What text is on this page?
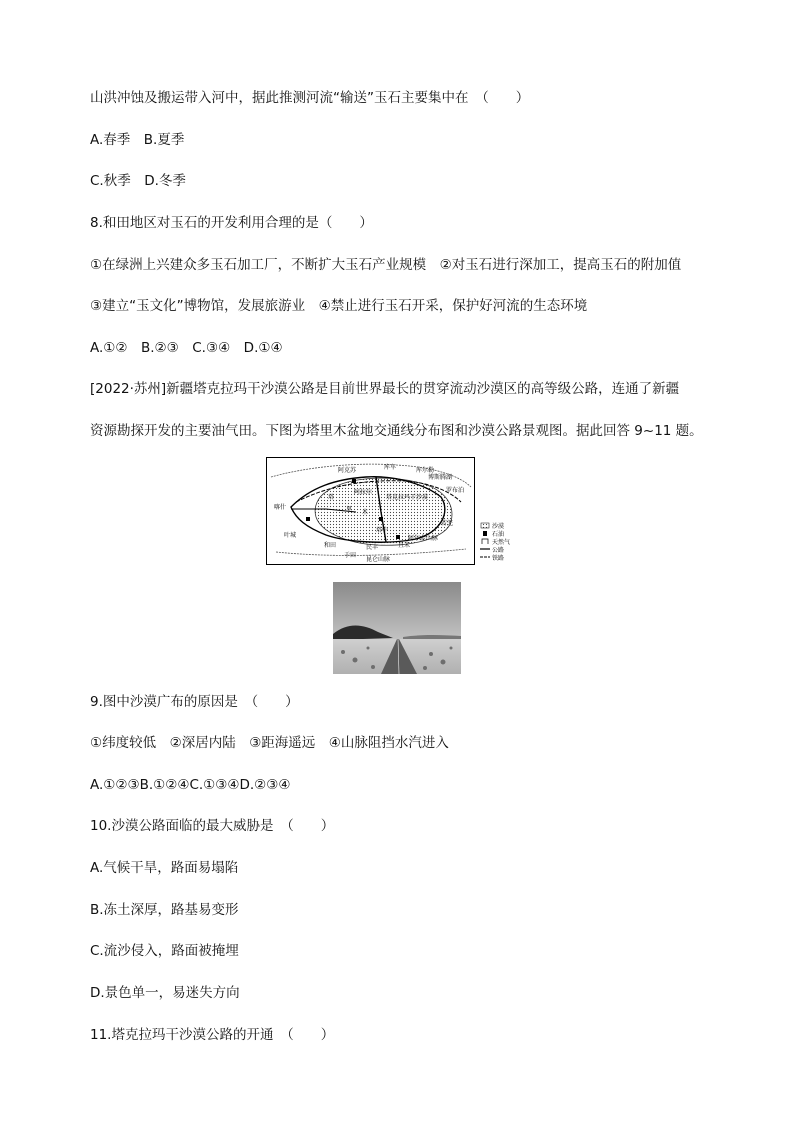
山洪冲蚀及搬运带入河中，据此推测河流“输送”玉石主要集中在　（　　）
A.春季　B.夏季
C.秋季　D.冬季
8.和田地区对玉石的开发利用合理的是（　　）
①在绿洲上兴建众多玉石加工厂，不断扩大玉石产业规模　②对玉石进行深加工，提高玉石的附加值
③建立“玉文化”博物馆，发展旅游业　④禁止进行玉石开采，保护好河流的生态环境
A.①②　B.②③　C.③④　D.①④
[2022·苏州]新疆塔克拉玛干沙漠公路是目前世界最长的贯穿流动沙漠区的高等级公路，连通了新疆
资源勘探开发的主要油气田。下图为塔里木盆地交通线分布图和沙漠公路景观图。据此回答 9~11 题。
阿克苏	库车
阿拉尔
塔
里 木
塔克拉玛干沙漠
塔中
喀什
叶城
和田
于田
民丰	且末
若羌
库尔勒
博斯腾湖
罗布泊
昆仑山脉
阿尔金山脉
沙漠
石油
天然气
公路
铁路
9.图中沙漠广布的原因是　（　　）
①纬度较低　②深居内陆　③距海遥远　④山脉阻挡水汽进入
A.①②③B.①②④C.①③④D.②③④
10.沙漠公路面临的最大威胁是　（　　）
A.气候干旱，路面易塌陷
B.冻土深厚，路基易变形
C.流沙侵入，路面被掩埋
D.景色单一，易迷失方向
11.塔克拉玛干沙漠公路的开通　（　　）
